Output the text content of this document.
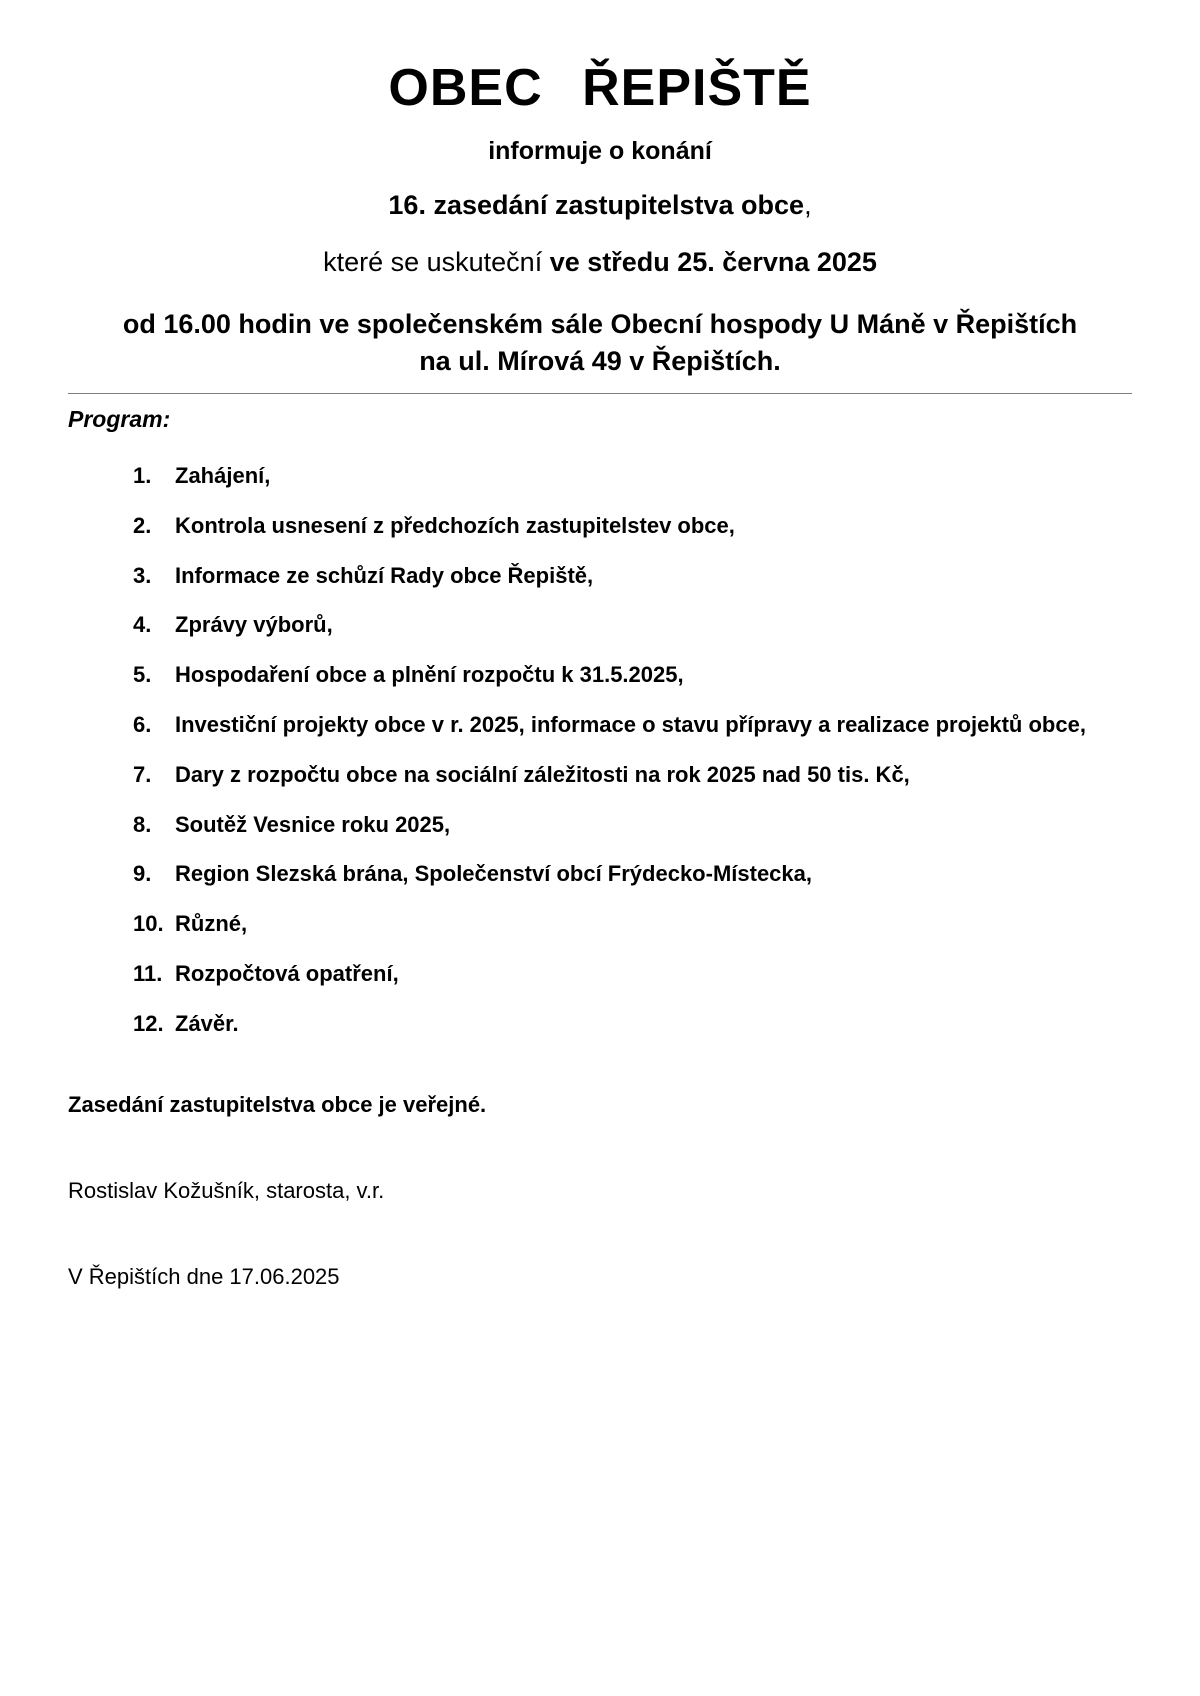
OBEC ŘEPIŠTĚ
informuje o konání
16. zasedání zastupitelstva obce,
které se uskuteční ve středu 25. června 2025
od 16.00 hodin ve společenském sále Obecní hospody U Máně v Řepištích
na ul. Mírová 49 v Řepištích.
Program:
1.	Zahájení,
2.	Kontrola usnesení z předchozích zastupitelstev obce,
3.	Informace ze schůzí Rady obce Řepiště,
4.	Zprávy výborů,
5.	Hospodaření obce a plnění rozpočtu k 31.5.2025,
6.	Investiční projekty obce v r. 2025, informace o stavu přípravy a realizace projektů obce,
7.	Dary z rozpočtu obce na sociální záležitosti na rok 2025 nad 50 tis. Kč,
8.	Soutěž Vesnice roku 2025,
9.	Region Slezská brána, Společenství obcí Frýdecko-Místecka,
10. Různé,
11. Rozpočtová opatření,
12. Závěr.
Zasedání zastupitelstva obce je veřejné.
Rostislav Kožušník, starosta, v.r.
V Řepištích dne 17.06.2025
